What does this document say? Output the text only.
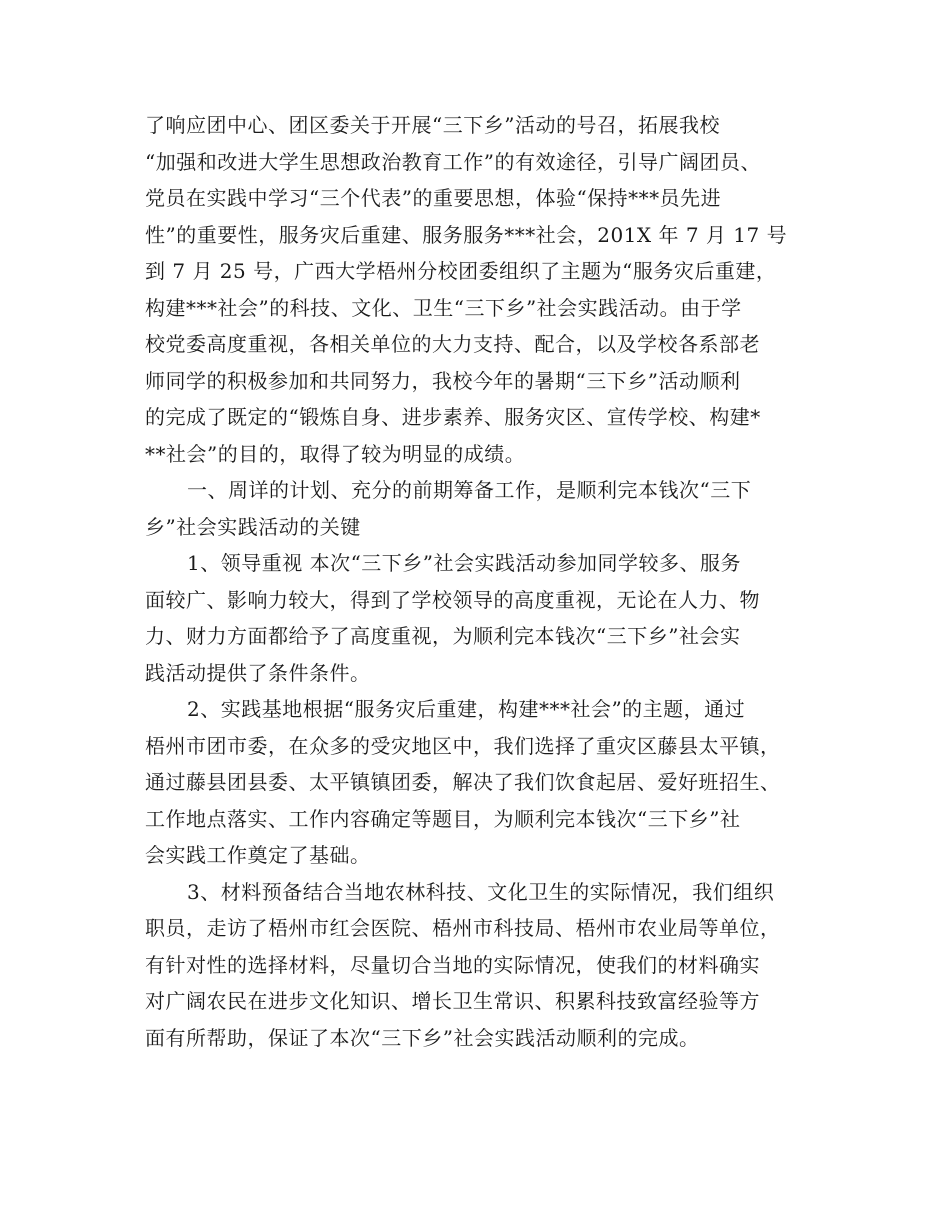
了响应团中心、团区委关于开展“三下乡”活动的号召，拓展我校
“加强和改进大学生思想政治教育工作”的有效途径，引导广阔团员、
党员在实践中学习“三个代表”的重要思想，体验“保持***员先进
性”的重要性，服务灾后重建、服务服务***社会，201X 年 7 月 17 号
到 7 月 25 号，广西大学梧州分校团委组织了主题为“服务灾后重建，
构建***社会”的科技、文化、卫生“三下乡”社会实践活动。由于学
校党委高度重视，各相关单位的大力支持、配合，以及学校各系部老
师同学的积极参加和共同努力，我校今年的暑期“三下乡”活动顺利
的完成了既定的“锻炼自身、进步素养、服务灾区、宣传学校、构建*
**社会”的目的，取得了较为明显的成绩。
一、周详的计划、充分的前期筹备工作，是顺利完本钱次“三下
乡”社会实践活动的关键
1、领导重视 本次“三下乡”社会实践活动参加同学较多、服务
面较广、影响力较大，得到了学校领导的高度重视，无论在人力、物
力、财力方面都给予了高度重视，为顺利完本钱次“三下乡”社会实
践活动提供了条件条件。
2、实践基地根据“服务灾后重建，构建***社会”的主题，通过
梧州市团市委，在众多的受灾地区中，我们选择了重灾区藤县太平镇，
通过藤县团县委、太平镇镇团委，解决了我们饮食起居、爱好班招生、
工作地点落实、工作内容确定等题目，为顺利完本钱次“三下乡”社
会实践工作奠定了基础。
3、材料预备结合当地农林科技、文化卫生的实际情况，我们组织
职员，走访了梧州市红会医院、梧州市科技局、梧州市农业局等单位，
有针对性的选择材料，尽量切合当地的实际情况，使我们的材料确实
对广阔农民在进步文化知识、增长卫生常识、积累科技致富经验等方
面有所帮助，保证了本次“三下乡”社会实践活动顺利的完成。
